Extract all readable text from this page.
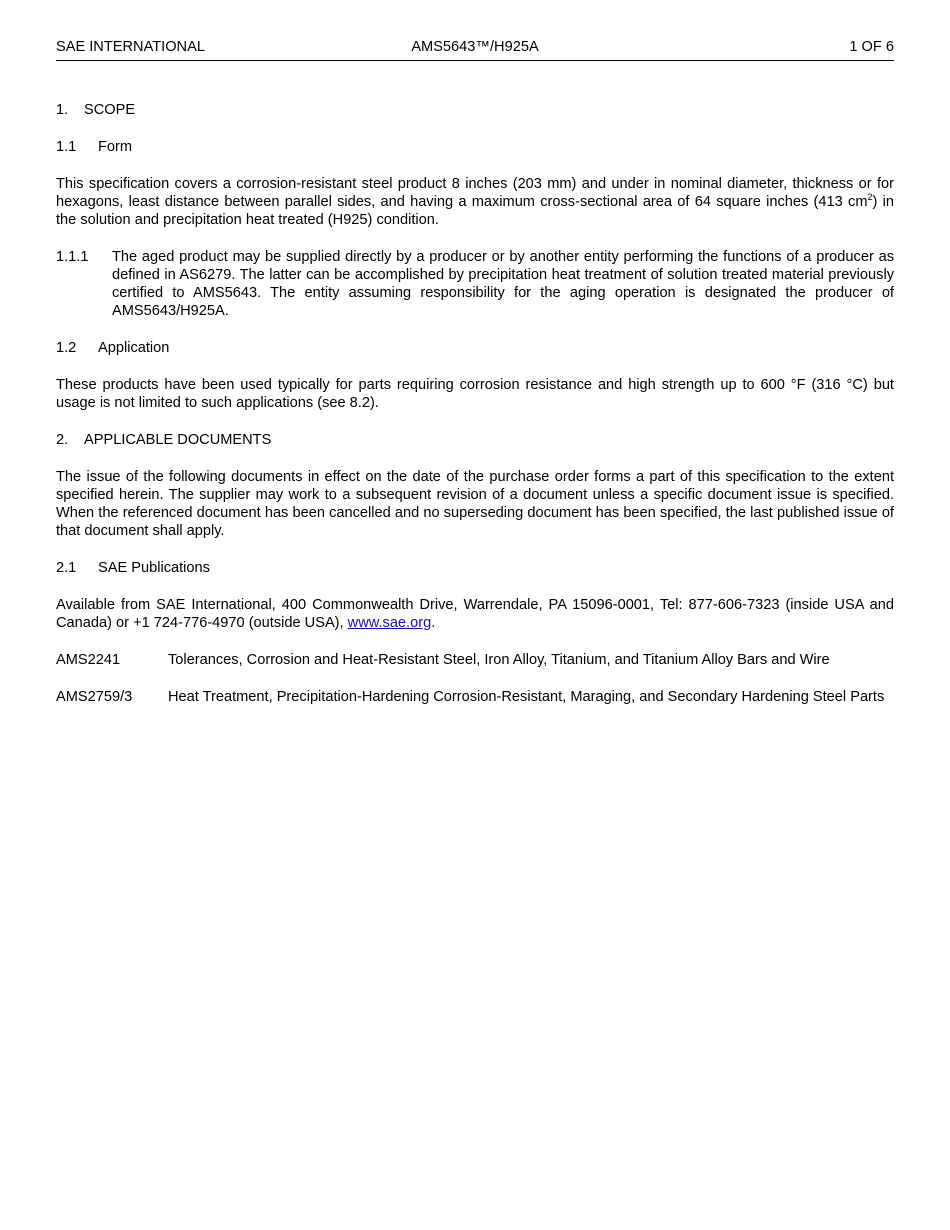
SAE INTERNATIONAL	AMS5643™/H925A	1 OF 6
1.	SCOPE
1.1	Form
This specification covers a corrosion-resistant steel product 8 inches (203 mm) and under in nominal diameter, thickness or for hexagons, least distance between parallel sides, and having a maximum cross-sectional area of 64 square inches (413 $cm^2$) in the solution and precipitation heat treated (H925) condition.
1.1.1	The aged product may be supplied directly by a producer or by another entity performing the functions of a producer as defined in AS6279. The latter can be accomplished by precipitation heat treatment of solution treated material previously certified to AMS5643. The entity assuming responsibility for the aging operation is designated the producer of AMS5643/H925A.
1.2	Application
These products have been used typically for parts requiring corrosion resistance and high strength up to 600 °F (316 °C) but usage is not limited to such applications (see 8.2).
2.	APPLICABLE DOCUMENTS
The issue of the following documents in effect on the date of the purchase order forms a part of this specification to the extent specified herein. The supplier may work to a subsequent revision of a document unless a specific document issue is specified. When the referenced document has been cancelled and no superseding document has been specified, the last published issue of that document shall apply.
2.1	SAE Publications
Available from SAE International, 400 Commonwealth Drive, Warrendale, PA 15096-0001, Tel: 877-606-7323 (inside USA and Canada) or +1 724-776-4970 (outside USA), www.sae.org.
AMS2241	Tolerances, Corrosion and Heat-Resistant Steel, Iron Alloy, Titanium, and Titanium Alloy Bars and Wire
AMS2759/3	Heat Treatment, Precipitation-Hardening Corrosion-Resistant, Maraging, and Secondary Hardening Steel Parts
